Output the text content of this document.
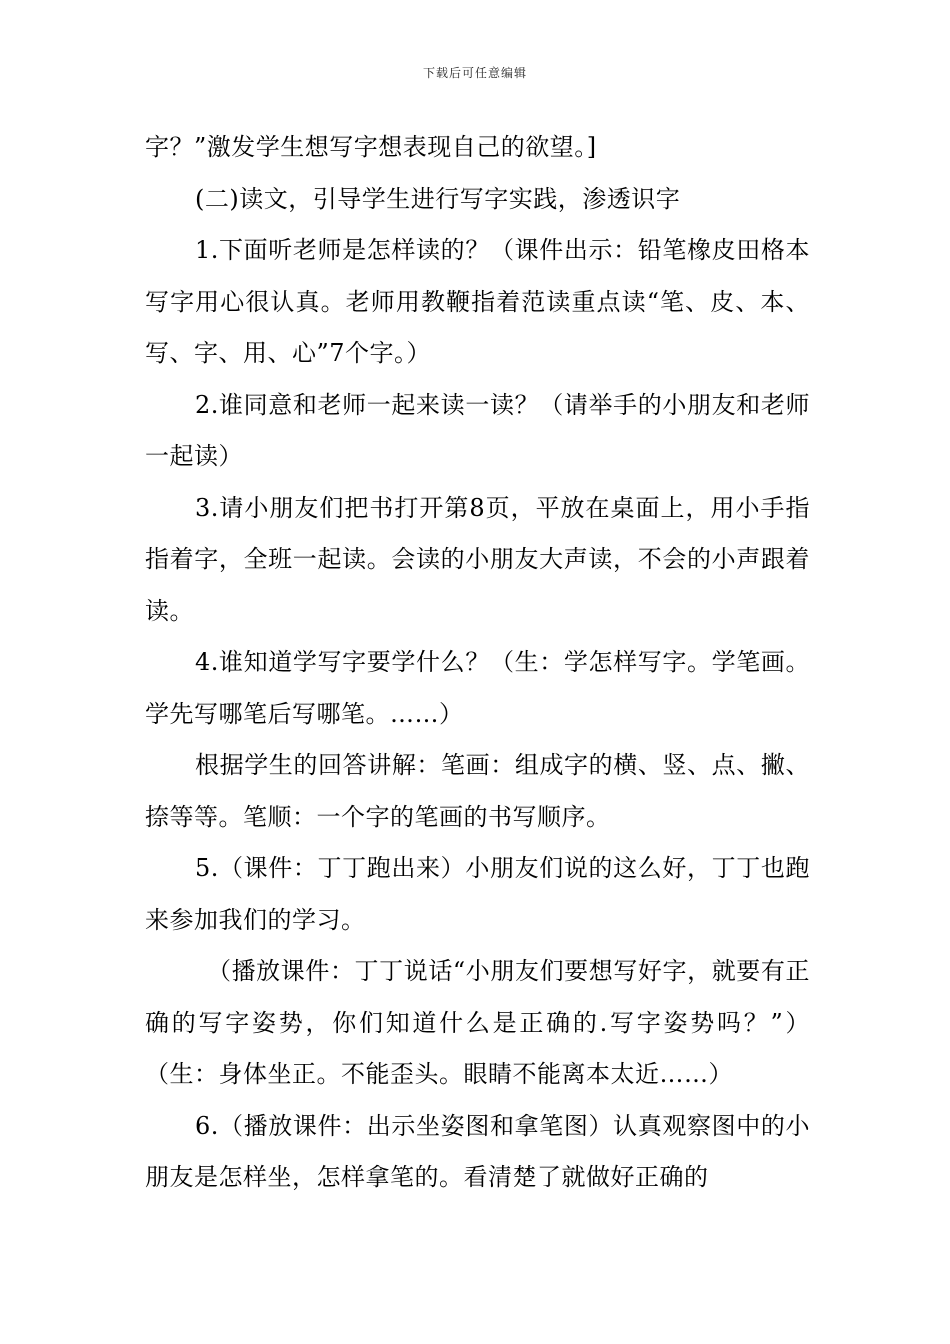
下载后可任意编辑

字？”激发学生想写字想表现自己的欲望。]

(二)读文，引导学生进行写字实践，渗透识字

1.下面听老师是怎样读的？（课件出示：铅笔橡皮田格本写字用心很认真。老师用教鞭指着范读重点读“笔、皮、本、写、字、用、心”7个字。）

2.谁同意和老师一起来读一读？（请举手的小朋友和老师一起读）

3.请小朋友们把书打开第8页，平放在桌面上，用小手指指着字，全班一起读。会读的小朋友大声读，不会的小声跟着读。

4.谁知道学写字要学什么？（生：学怎样写字。学笔画。学先写哪笔后写哪笔。……）

根据学生的回答讲解：笔画：组成字的横、竖、点、撇、捺等等。笔顺：一个字的笔画的书写顺序。

5.（课件：丁丁跑出来）小朋友们说的这么好，丁丁也跑来参加我们的学习。

（播放课件：丁丁说话“小朋友们要想写好字，就要有正确的写字姿势，你们知道什么是正确的.写字姿势吗？”）（生：身体坐正。不能歪头。眼睛不能离本太近……）

6.（播放课件：出示坐姿图和拿笔图）认真观察图中的小朋友是怎样坐，怎样拿笔的。看清楚了就做好正确的
